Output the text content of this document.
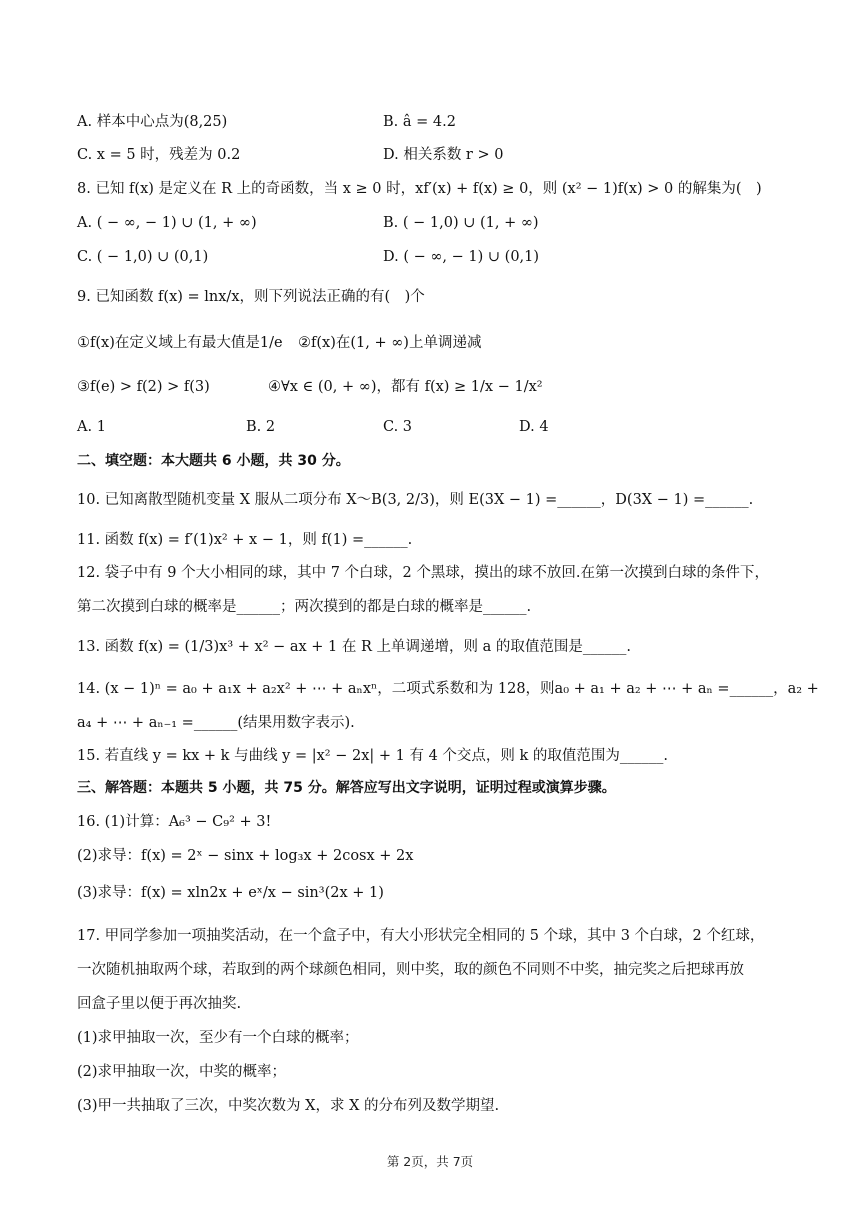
A. 样本中心点为(8,25)	B. â = 4.2
C. x = 5 时，残差为 0.2	D. 相关系数 r > 0
8. 已知 f(x) 是定义在 R 上的奇函数，当 x ≥ 0 时，xf′(x) + f(x) ≥ 0，则 (x² − 1)f(x) > 0 的解集为(　)
A. ( − ∞, − 1) ∪ (1, + ∞)	B. ( − 1,0) ∪ (1, + ∞)
C. ( − 1,0) ∪ (0,1)	D. ( − ∞, − 1) ∪ (0,1)
9. 已知函数 f(x) = lnx/x，则下列说法正确的有(　)个
①f(x)在定义域上有最大值是1/e	②f(x)在(1, + ∞)上单调递减
③f(e) > f(2) > f(3)	④∀x ∈ (0, + ∞)，都有 f(x) ≥ 1/x − 1/x²
A. 1	B. 2	C. 3	D. 4
二、填空题：本大题共 6 小题，共 30 分。
10. 已知离散型随机变量 X 服从二项分布 X～B(3, 2/3)，则 E(3X − 1) =______，D(3X − 1) =______.
11. 函数 f(x) = f′(1)x² + x − 1，则 f(1) =______.
12. 袋子中有 9 个大小相同的球，其中 7 个白球，2 个黑球，摸出的球不放回.在第一次摸到白球的条件下，
第二次摸到白球的概率是______；两次摸到的都是白球的概率是______.
13. 函数 f(x) = (1/3)x³ + x² − ax + 1 在 R 上单调递增，则 a 的取值范围是______.
14. (x − 1)ⁿ = a₀ + a₁x + a₂x² + ⋯ + aₙxⁿ，二项式系数和为 128，则a₀ + a₁ + a₂ + ⋯ + aₙ =______，a₂ +
a₄ + ⋯ + aₙ₋₁ =______(结果用数字表示).
15. 若直线 y = kx + k 与曲线 y = |x² − 2x| + 1 有 4 个交点，则 k 的取值范围为______.
三、解答题：本题共 5 小题，共 75 分。解答应写出文字说明，证明过程或演算步骤。
16. (1)计算：A₆³ − C₉² + 3!
(2)求导：f(x) = 2ˣ − sinx + log₃x + 2cosx + 2x
(3)求导：f(x) = xln2x + eˣ/x − sin³(2x + 1)
17. 甲同学参加一项抽奖活动，在一个盒子中，有大小形状完全相同的 5 个球，其中 3 个白球，2 个红球，
一次随机抽取两个球，若取到的两个球颜色相同，则中奖，取的颜色不同则不中奖，抽完奖之后把球再放
回盒子里以便于再次抽奖.
(1)求甲抽取一次，至少有一个白球的概率；
(2)求甲抽取一次，中奖的概率；
(3)甲一共抽取了三次，中奖次数为 X，求 X 的分布列及数学期望.
第 2页，共 7页
